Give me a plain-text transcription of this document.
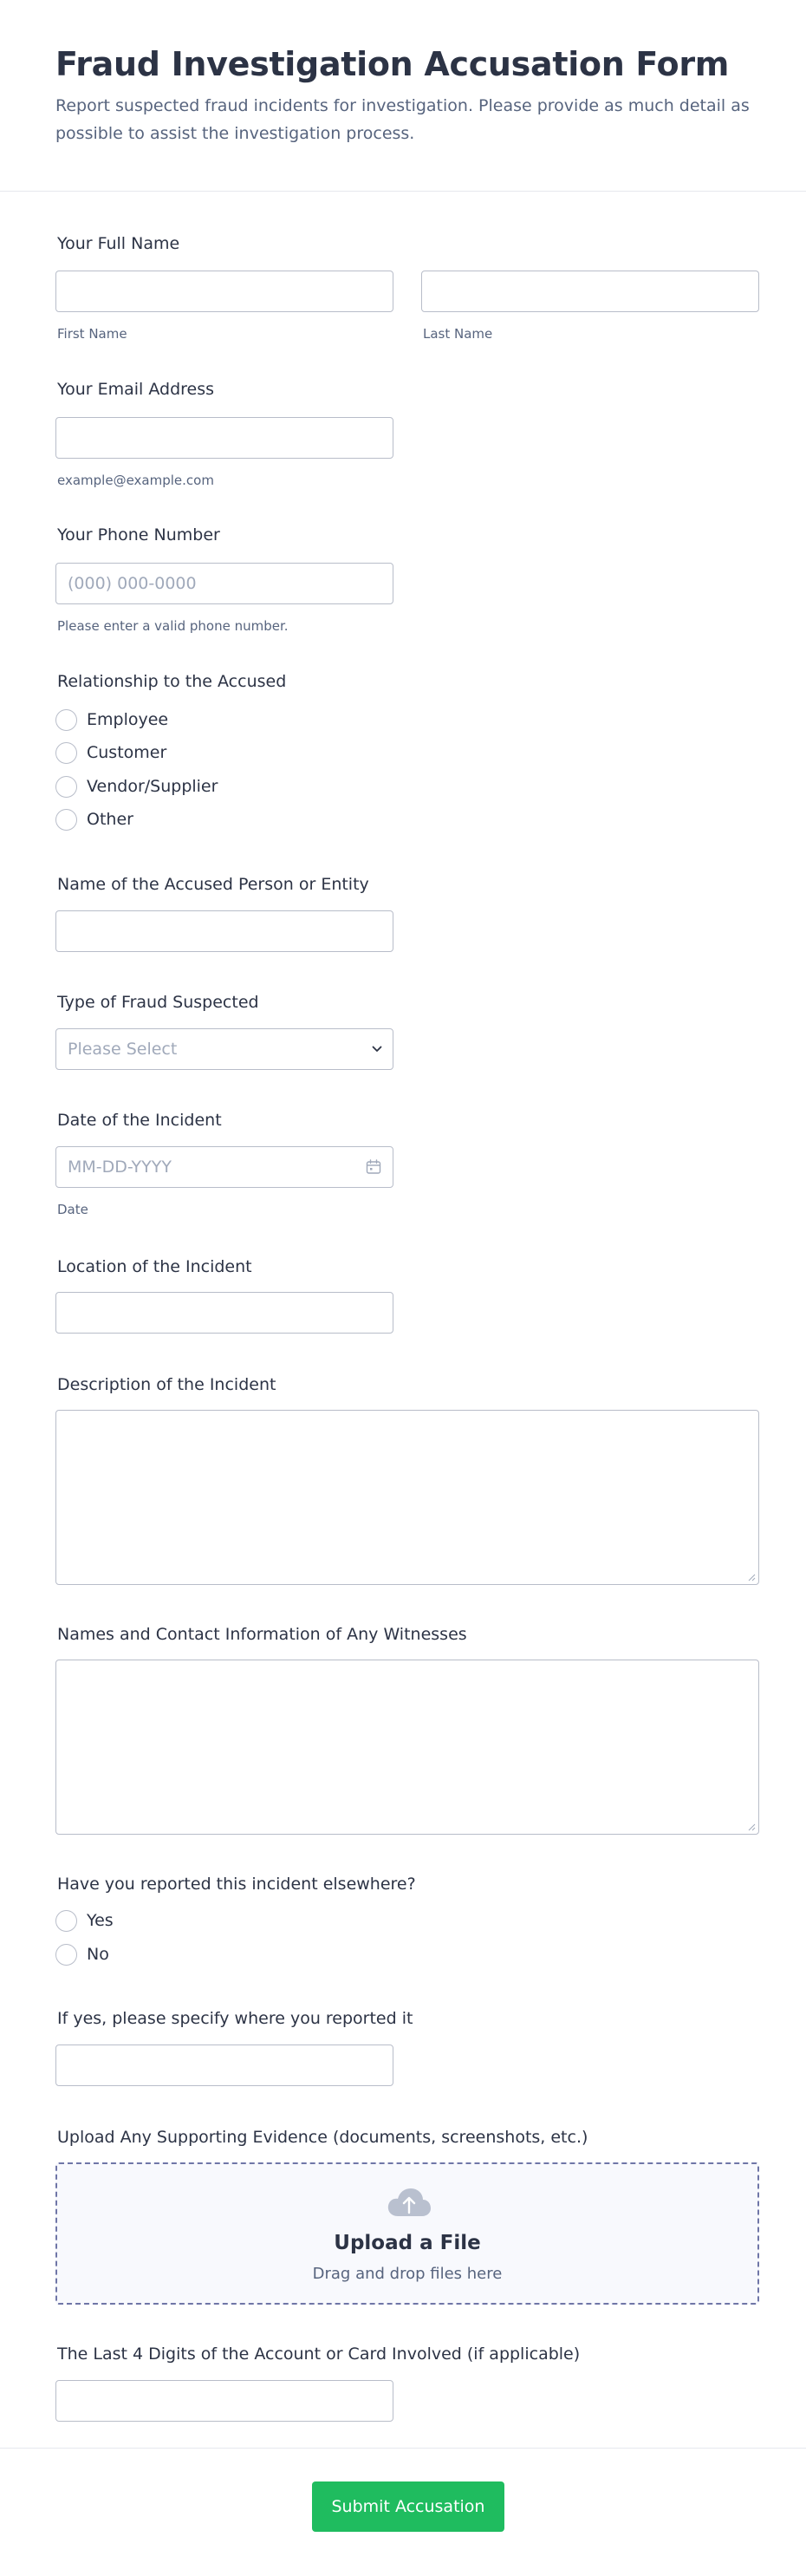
Fraud Investigation Accusation Form

Report suspected fraud incidents for investigation. Please provide as much detail as possible to assist the investigation process.

Your Full Name
First Name	Last Name
Your Email Address
example@example.com
Your Phone Number
(000) 000-0000
Please enter a valid phone number.
Relationship to the Accused
Employee
Customer
Vendor/Supplier
Other
Name of the Accused Person or Entity
Type of Fraud Suspected
Please Select
Date of the Incident
MM-DD-YYYY
Date
Location of the Incident
Description of the Incident
Names and Contact Information of Any Witnesses
Have you reported this incident elsewhere?
Yes
No
If yes, please specify where you reported it
Upload Any Supporting Evidence (documents, screenshots, etc.)
Upload a File
Drag and drop files here
The Last 4 Digits of the Account or Card Involved (if applicable)
Submit Accusation
